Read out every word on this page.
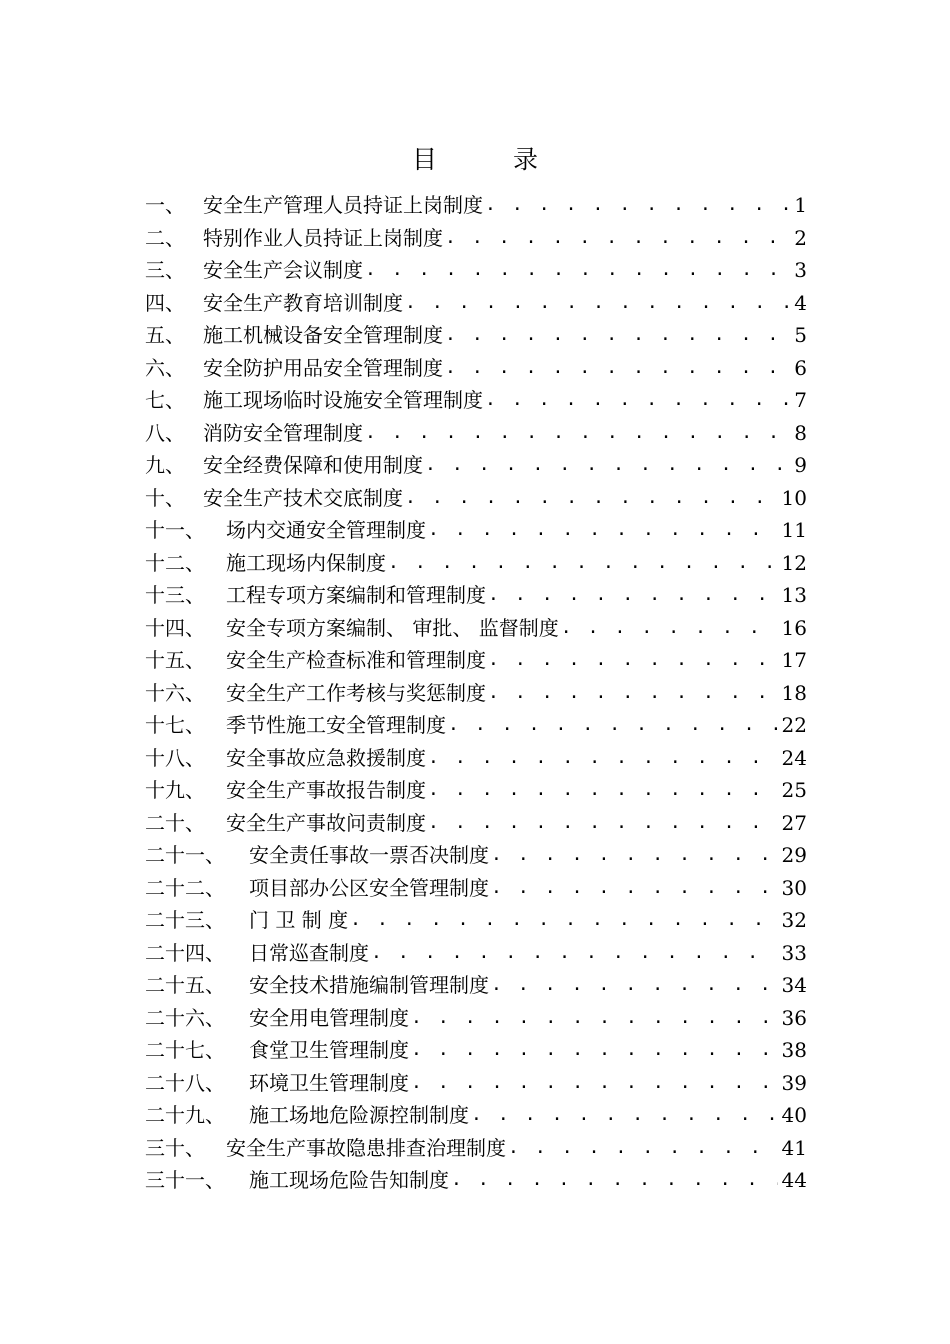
目 录
一、 安全生产管理人员持证上岗制度 . . .	1
二、 特别作业人员持证上岗制度 . . .	2
三、 安全生产会议制度 . . .	3
四、 安全生产教育培训制度 . . .	4
五、 施工机械设备安全管理制度 . . .	5
六、 安全防护用品安全管理制度 . . .	6
七、 施工现场临时设施安全管理制度 . . .	7
八、 消防安全管理制度 . . .	8
九、 安全经费保障和使用制度 . . .	9
十、 安全生产技术交底制度 . . .	10
十一、	场内交通安全管理制度 . . .	11
十二、	施工现场内保制度 . . .	12
十三、	工程专项方案编制和管理制度 . . .	13
十四、	安全专项方案编制、 审批、 监督制度 . . .	16
十五、	安全生产检查标准和管理制度 . . .	17
十六、	安全生产工作考核与奖惩制度 . . .	18
十七、	季节性施工安全管理制度 . . .	22
十八、	安全事故应急救援制度 . . .	24
十九、	安全生产事故报告制度 . . .	25
二十、	安全生产事故问责制度 . . .	27
二十一、	安全责任事故一票否决制度 . . .	29
二十二、	项目部办公区安全管理制度 . . .	30
二十三、	门 卫 制 度 . . .	32
二十四、	日常巡查制度 . . .	33
二十五、	安全技术措施编制管理制度 . . .	34
二十六、	安全用电管理制度 . . .	36
二十七、	食堂卫生管理制度 . . .	38
二十八、	环境卫生管理制度 . . .	39
二十九、	施工场地危险源控制制度 . . .	40
三十、	安全生产事故隐患排查治理制度 . . .	41
三十一、	施工现场危险告知制度 . . .	44
